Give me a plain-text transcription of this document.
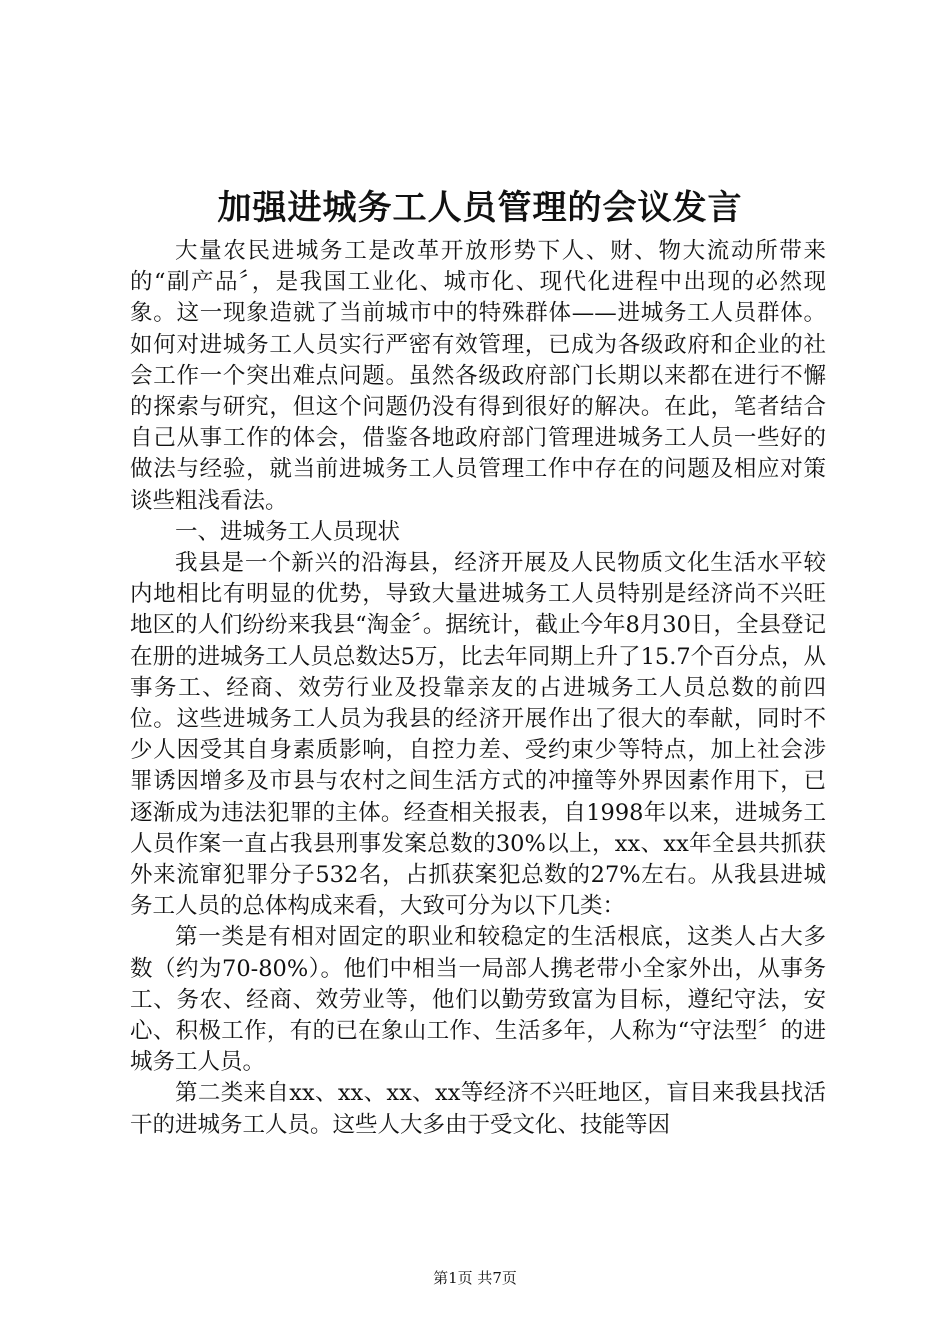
加强进城务工人员管理的会议发言

大量农民进城务工是改革开放形势下人、财、物大流动所带来的“副产品〞，是我国工业化、城市化、现代化进程中出现的必然现象。这一现象造就了当前城市中的特殊群体——进城务工人员群体。如何对进城务工人员实行严密有效管理，已成为各级政府和企业的社会工作一个突出难点问题。虽然各级政府部门长期以来都在进行不懈的探索与研究，但这个问题仍没有得到很好的解决。在此，笔者结合自己从事工作的体会，借鉴各地政府部门管理进城务工人员一些好的做法与经验，就当前进城务工人员管理工作中存在的问题及相应对策谈些粗浅看法。

一、进城务工人员现状

我县是一个新兴的沿海县，经济开展及人民物质文化生活水平较内地相比有明显的优势，导致大量进城务工人员特别是经济尚不兴旺地区的人们纷纷来我县“淘金〞。据统计，截止今年8月30日，全县登记在册的进城务工人员总数达5万，比去年同期上升了15.7个百分点，从事务工、经商、效劳行业及投靠亲友的占进城务工人员总数的前四位。这些进城务工人员为我县的经济开展作出了很大的奉献，同时不少人因受其自身素质影响，自控力差、受约束少等特点，加上社会涉罪诱因增多及市县与农村之间生活方式的冲撞等外界因素作用下，已逐渐成为违法犯罪的主体。经查相关报表，自1998年以来，进城务工人员作案一直占我县刑事发案总数的30%以上，xx、xx年全县共抓获外来流窜犯罪分子532名，占抓获案犯总数的27%左右。从我县进城务工人员的总体构成来看，大致可分为以下几类：

第一类是有相对固定的职业和较稳定的生活根底，这类人占大多数（约为70-80%）。他们中相当一局部人携老带小全家外出，从事务工、务农、经商、效劳业等，他们以勤劳致富为目标，遵纪守法，安心、积极工作，有的已在象山工作、生活多年，人称为“守法型〞的进城务工人员。

第二类来自xx、xx、xx、xx等经济不兴旺地区，盲目来我县找活干的进城务工人员。这些人大多由于受文化、技能等因

第1页 共7页
